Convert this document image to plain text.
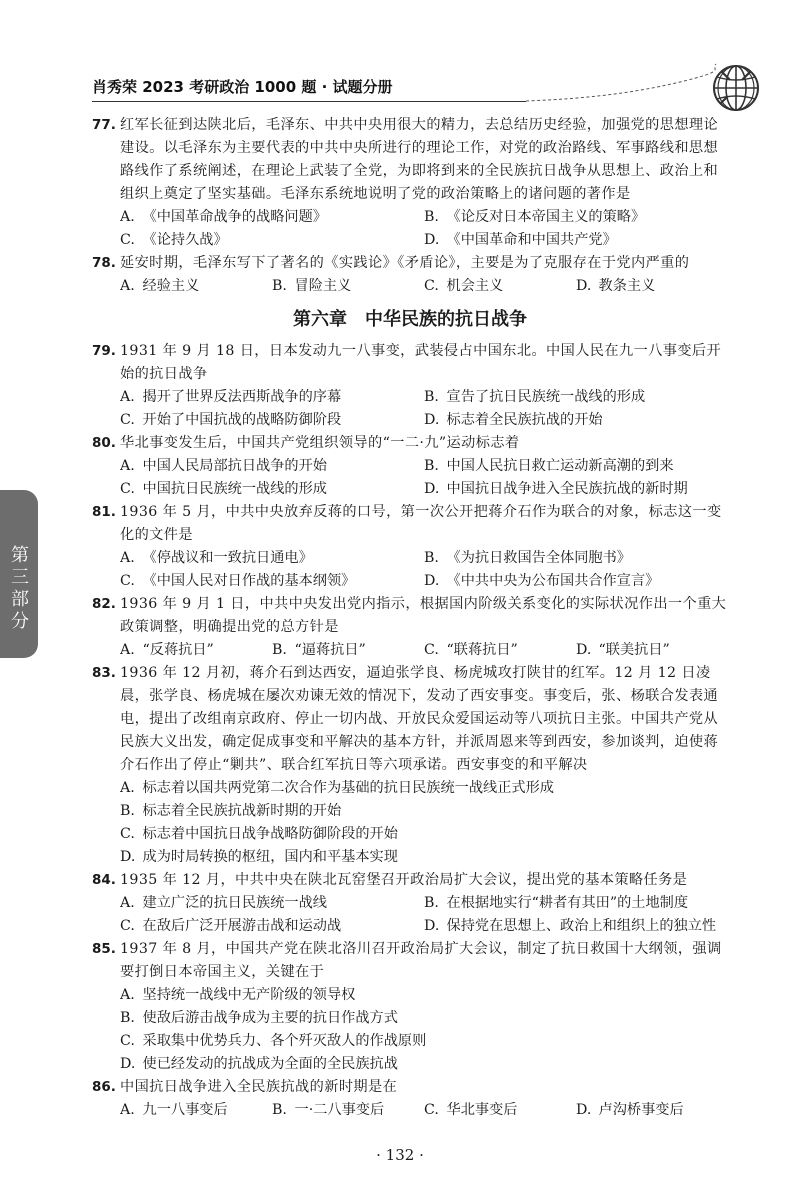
肖秀荣 2023 考研政治 1000 题 · 试题分册
第三部分
77. 红军长征到达陕北后，毛泽东、中共中央用很大的精力，去总结历史经验，加强党的思想理论建设。以毛泽东为主要代表的中共中央所进行的理论工作，对党的政治路线、军事路线和思想路线作了系统阐述，在理论上武装了全党，为即将到来的全民族抗日战争从思想上、政治上和组织上奠定了坚实基础。毛泽东系统地说明了党的政治策略上的诸问题的著作是
A. 《中国革命战争的战略问题》	B. 《论反对日本帝国主义的策略》
C. 《论持久战》	D. 《中国革命和中国共产党》
78. 延安时期，毛泽东写下了著名的《实践论》《矛盾论》，主要是为了克服存在于党内严重的
A. 经验主义	B. 冒险主义	C. 机会主义	D. 教条主义
第六章　中华民族的抗日战争
79. 1931 年 9 月 18 日，日本发动九一八事变，武装侵占中国东北。中国人民在九一八事变后开始的抗日战争
A. 揭开了世界反法西斯战争的序幕	B. 宣告了抗日民族统一战线的形成
C. 开始了中国抗战的战略防御阶段	D. 标志着全民族抗战的开始
80. 华北事变发生后，中国共产党组织领导的“一二·九”运动标志着
A. 中国人民局部抗日战争的开始	B. 中国人民抗日救亡运动新高潮的到来
C. 中国抗日民族统一战线的形成	D. 中国抗日战争进入全民族抗战的新时期
81. 1936 年 5 月，中共中央放弃反蒋的口号，第一次公开把蒋介石作为联合的对象，标志这一变化的文件是
A. 《停战议和一致抗日通电》	B. 《为抗日救国告全体同胞书》
C. 《中国人民对日作战的基本纲领》	D. 《中共中央为公布国共合作宣言》
82. 1936 年 9 月 1 日，中共中央发出党内指示，根据国内阶级关系变化的实际状况作出一个重大政策调整，明确提出党的总方针是
A. “反蒋抗日”	B. “逼蒋抗日”	C. “联蒋抗日”	D. “联美抗日”
83. 1936 年 12 月初，蒋介石到达西安，逼迫张学良、杨虎城攻打陕甘的红军。12 月 12 日凌晨，张学良、杨虎城在屡次劝谏无效的情况下，发动了西安事变。事变后，张、杨联合发表通电，提出了改组南京政府、停止一切内战、开放民众爱国运动等八项抗日主张。中国共产党从民族大义出发，确定促成事变和平解决的基本方针，并派周恩来等到西安，参加谈判，迫使蒋介石作出了停止“剿共”、联合红军抗日等六项承诺。西安事变的和平解决
A. 标志着以国共两党第二次合作为基础的抗日民族统一战线正式形成
B. 标志着全民族抗战新时期的开始
C. 标志着中国抗日战争战略防御阶段的开始
D. 成为时局转换的枢纽，国内和平基本实现
84. 1935 年 12 月，中共中央在陕北瓦窑堡召开政治局扩大会议，提出党的基本策略任务是
A. 建立广泛的抗日民族统一战线	B. 在根据地实行“耕者有其田”的土地制度
C. 在敌后广泛开展游击战和运动战	D. 保持党在思想上、政治上和组织上的独立性
85. 1937 年 8 月，中国共产党在陕北洛川召开政治局扩大会议，制定了抗日救国十大纲领，强调要打倒日本帝国主义，关键在于
A. 坚持统一战线中无产阶级的领导权
B. 使敌后游击战争成为主要的抗日作战方式
C. 采取集中优势兵力、各个歼灭敌人的作战原则
D. 使已经发动的抗战成为全面的全民族抗战
86. 中国抗日战争进入全民族抗战的新时期是在
A. 九一八事变后	B. 一·二八事变后	C. 华北事变后	D. 卢沟桥事变后
· 132 ·
